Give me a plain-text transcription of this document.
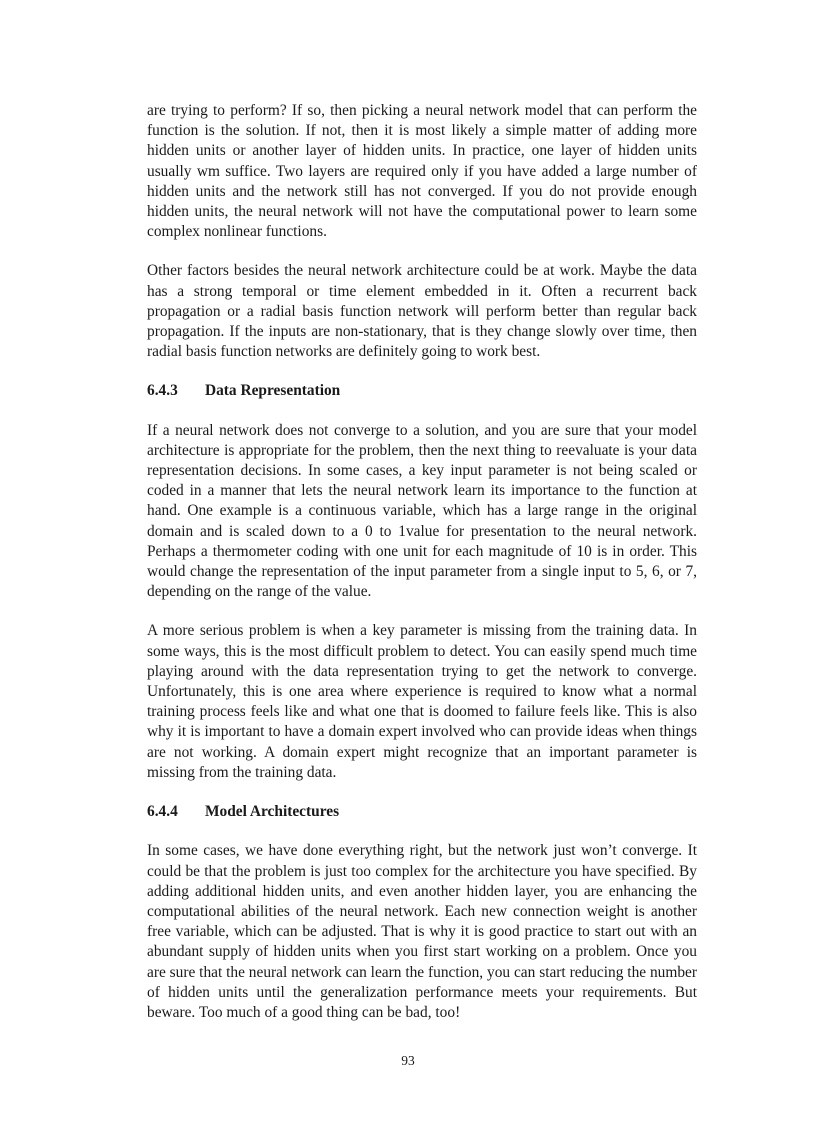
are trying to perform? If so, then picking a neural network model that can perform the function is the solution. If not, then it is most likely a simple matter of adding more hidden units or another layer of hidden units. In practice, one layer of hidden units usually wm suffice. Two layers are required only if you have added a large number of hidden units and the network still has not converged. If you do not provide enough hidden units, the neural network will not have the computational power to learn some complex nonlinear functions.

Other factors besides the neural network architecture could be at work. Maybe the data has a strong temporal or time element embedded in it. Often a recurrent back propagation or a radial basis function network will perform better than regular back propagation. If the inputs are non-stationary, that is they change slowly over time, then radial basis function networks are definitely going to work best.

6.4.3 Data Representation

If a neural network does not converge to a solution, and you are sure that your model architecture is appropriate for the problem, then the next thing to reevaluate is your data representation decisions. In some cases, a key input parameter is not being scaled or coded in a manner that lets the neural network learn its importance to the function at hand. One example is a continuous variable, which has a large range in the original domain and is scaled down to a 0 to 1value for presentation to the neural network. Perhaps a thermometer coding with one unit for each magnitude of 10 is in order. This would change the representation of the input parameter from a single input to 5, 6, or 7, depending on the range of the value.

A more serious problem is when a key parameter is missing from the training data. In some ways, this is the most difficult problem to detect. You can easily spend much time playing around with the data representation trying to get the network to converge. Unfortunately, this is one area where experience is required to know what a normal training process feels like and what one that is doomed to failure feels like. This is also why it is important to have a domain expert involved who can provide ideas when things are not working. A domain expert might recognize that an important parameter is missing from the training data.

6.4.4 Model Architectures

In some cases, we have done everything right, but the network just won’t converge. It could be that the problem is just too complex for the architecture you have specified. By adding additional hidden units, and even another hidden layer, you are enhancing the computational abilities of the neural network. Each new connection weight is another free variable, which can be adjusted. That is why it is good practice to start out with an abundant supply of hidden units when you first start working on a problem. Once you are sure that the neural network can learn the function, you can start reducing the number of hidden units until the generalization performance meets your requirements. But beware. Too much of a good thing can be bad, too!

93
